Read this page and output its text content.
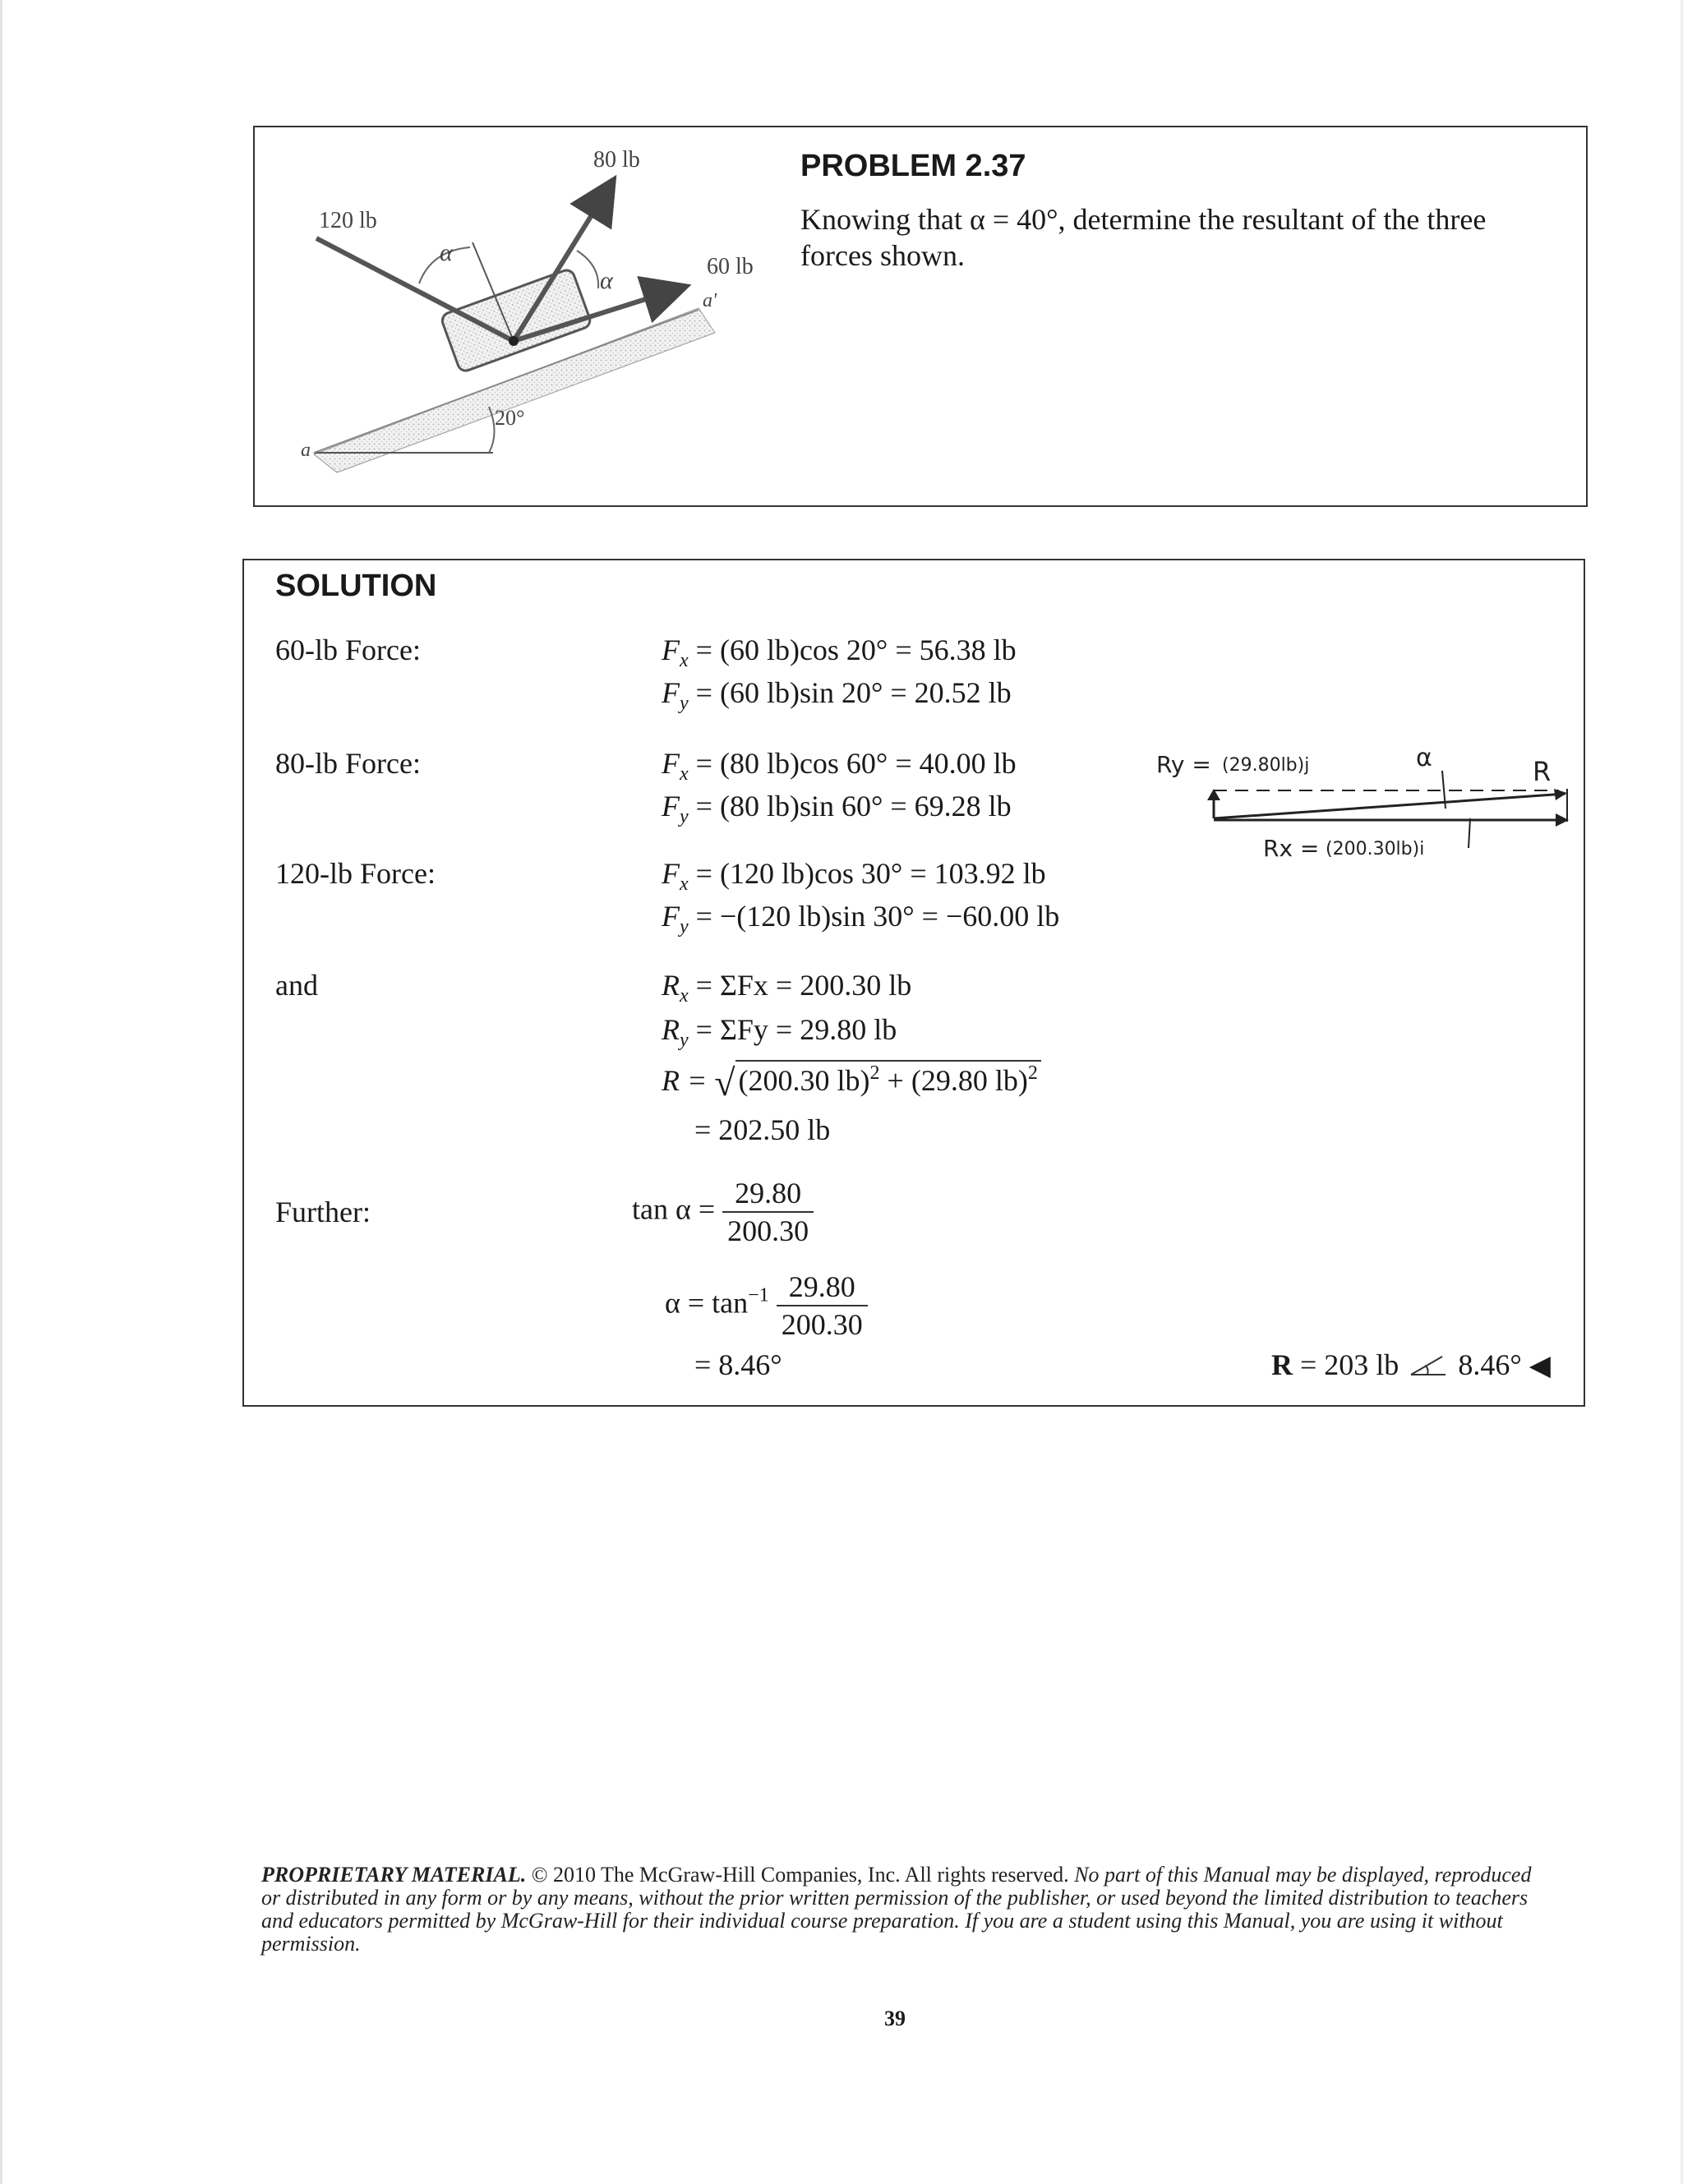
80 lb
120 lb
60 lb
α
α
a'
a
20°
PROBLEM 2.37
Knowing that α = 40°, determine the resultant of the three forces shown.
SOLUTION
60-lb Force:	$F_x = (60$ lb)cos 20° = 56.38 lb
$F_y = (60$ lb)sin 20° = 20.52 lb
80-lb Force:	$F_x = (80$ lb)cos 60° = 40.00 lb
$F_y = (80$ lb)sin 60° = 69.28 lb
120-lb Force:	$F_x = (120$ lb)cos 30° = 103.92 lb
$F_y = -(120$ lb)sin 30° = −60.00 lb
and	$R_x = \Sigma Fx = 200.30$ lb
$R_y = \Sigma Fy = 29.80$ lb
R = √ (200.30 lb)$^2$ + (29.80 lb)$^2$
= 202.50 lb
Further:	$\tan \alpha = \frac{29.80}{200.30}$
$\alpha = \tan^{-1} \frac{29.80}{200.30}$
= 8.46°	R = 203 lb 8.46° ◀
Ry = (29.80lb)j	α	R
Rx = (200.30lb)i
PROPRIETARY MATERIAL. © 2010 The McGraw-Hill Companies, Inc. All rights reserved. No part of this Manual may be displayed, reproduced or distributed in any form or by any means, without the prior written permission of the publisher, or used beyond the limited distribution to teachers and educators permitted by McGraw-Hill for their individual course preparation. If you are a student using this Manual, you are using it without permission.
39
